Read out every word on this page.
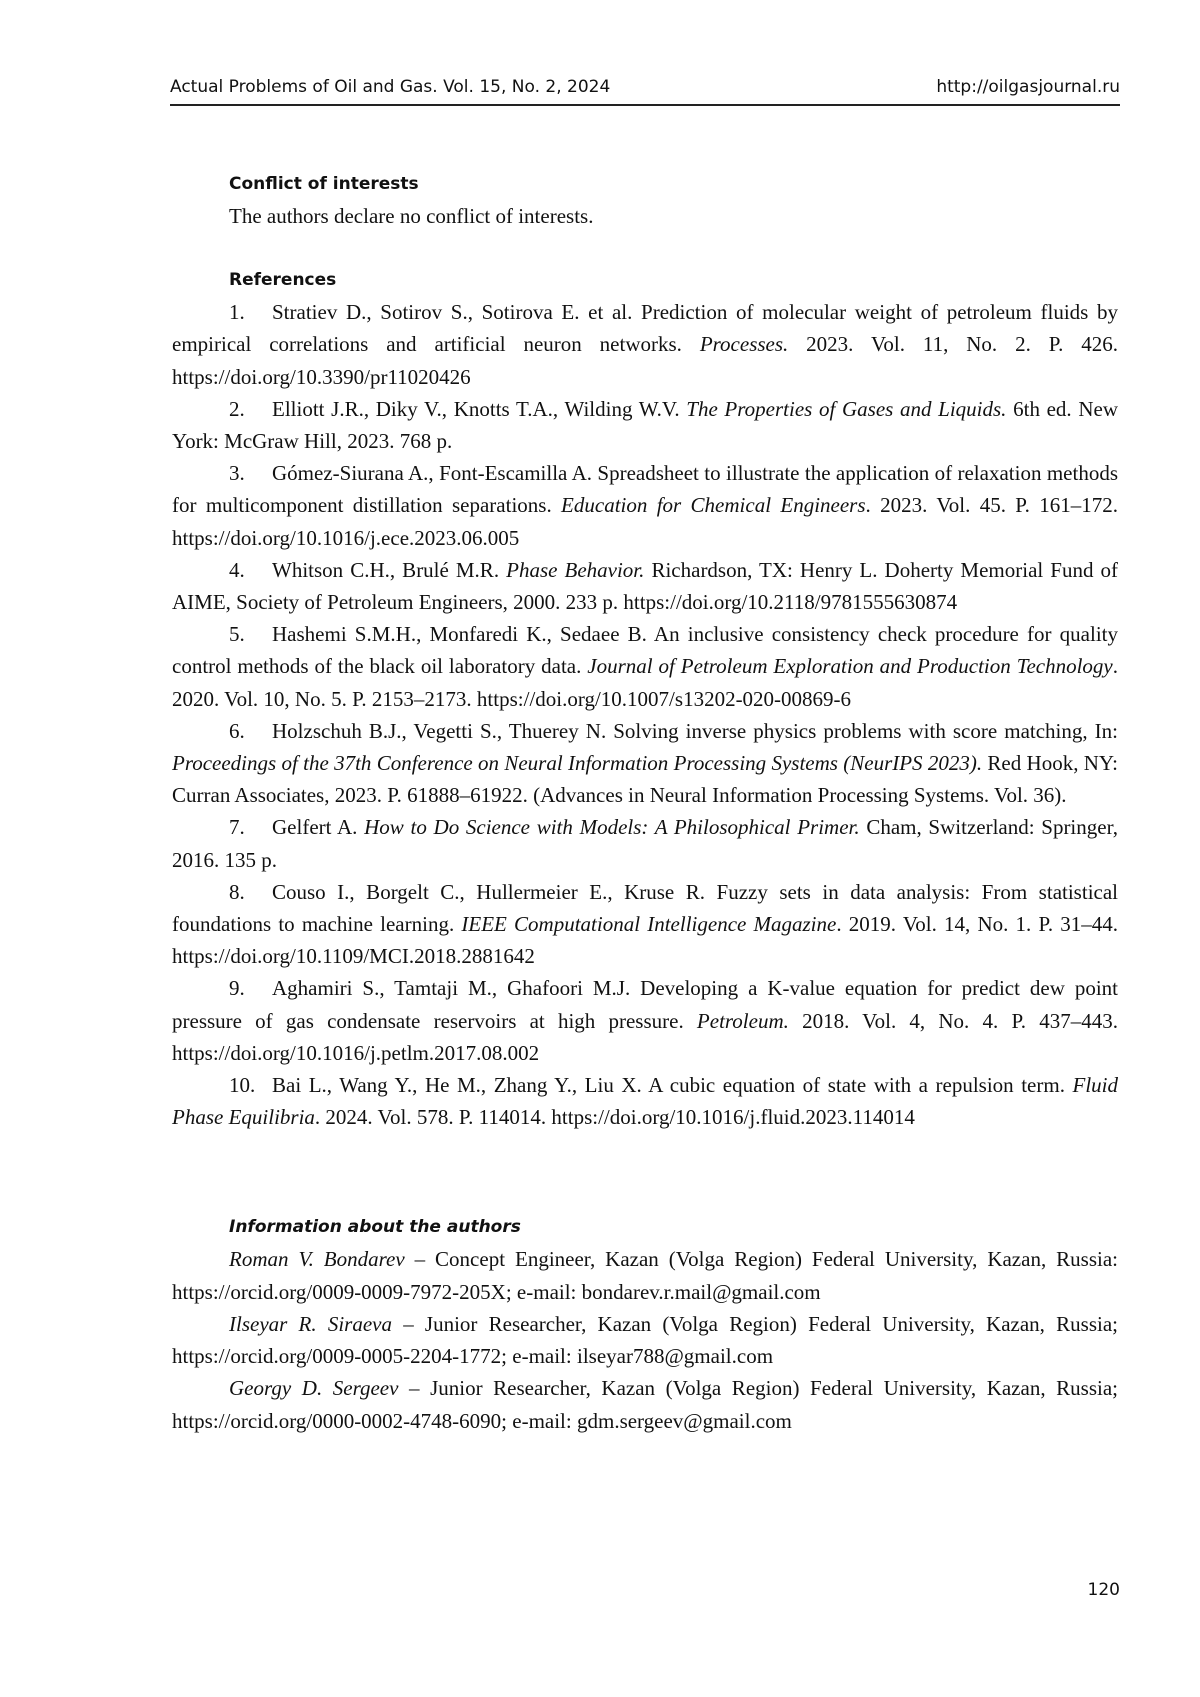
Actual Problems of Oil and Gas. Vol. 15, No. 2, 2024	http://oilgasjournal.ru
Conflict of interests

The authors declare no conflict of interests.

References

1. Stratiev D., Sotirov S., Sotirova E. et al. Prediction of molecular weight of petroleum fluids by empirical correlations and artificial neuron networks. Processes. 2023. Vol. 11, No. 2. P. 426. https://doi.org/10.3390/pr11020426

2. Elliott J.R., Diky V., Knotts T.A., Wilding W.V. The Properties of Gases and Liquids. 6th ed. New York: McGraw Hill, 2023. 768 p.

3. Gómez-Siurana A., Font-Escamilla A. Spreadsheet to illustrate the application of relaxation methods for multicomponent distillation separations. Education for Chemical Engineers. 2023. Vol. 45. P. 161–172. https://doi.org/10.1016/j.ece.2023.06.005

4. Whitson C.H., Brulé M.R. Phase Behavior. Richardson, TX: Henry L. Doherty Memorial Fund of AIME, Society of Petroleum Engineers, 2000. 233 p. https://doi.org/10.2118/9781555630874

5. Hashemi S.M.H., Monfaredi K., Sedaee B. An inclusive consistency check procedure for quality control methods of the black oil laboratory data. Journal of Petroleum Exploration and Production Technology. 2020. Vol. 10, No. 5. P. 2153–2173. https://doi.org/10.1007/s13202-020-00869-6

6. Holzschuh B.J., Vegetti S., Thuerey N. Solving inverse physics problems with score matching, In: Proceedings of the 37th Conference on Neural Information Processing Systems (NeurIPS 2023). Red Hook, NY: Curran Associates, 2023. P. 61888–61922. (Advances in Neural Information Processing Systems. Vol. 36).

7. Gelfert A. How to Do Science with Models: A Philosophical Primer. Cham, Switzerland: Springer, 2016. 135 p.

8. Couso I., Borgelt C., Hullermeier E., Kruse R. Fuzzy sets in data analysis: From statistical foundations to machine learning. IEEE Computational Intelligence Magazine. 2019. Vol. 14, No. 1. P. 31–44. https://doi.org/10.1109/MCI.2018.2881642

9. Aghamiri S., Tamtaji M., Ghafoori M.J. Developing a K-value equation for predict dew point pressure of gas condensate reservoirs at high pressure. Petroleum. 2018. Vol. 4, No. 4. P. 437–443. https://doi.org/10.1016/j.petlm.2017.08.002

10. Bai L., Wang Y., He M., Zhang Y., Liu X. A cubic equation of state with a repulsion term. Fluid Phase Equilibria. 2024. Vol. 578. P. 114014. https://doi.org/10.1016/j.fluid.2023.114014

Information about the authors

Roman V. Bondarev – Concept Engineer, Kazan (Volga Region) Federal University, Kazan, Russia: https://orcid.org/0009-0009-7972-205X; e-mail: bondarev.r.mail@gmail.com

Ilseyar R. Siraeva – Junior Researcher, Kazan (Volga Region) Federal University, Kazan, Russia; https://orcid.org/0009-0005-2204-1772; e-mail: ilseyar788@gmail.com

Georgy D. Sergeev – Junior Researcher, Kazan (Volga Region) Federal University, Kazan, Russia; https://orcid.org/0000-0002-4748-6090; e-mail: gdm.sergeev@gmail.com

120
